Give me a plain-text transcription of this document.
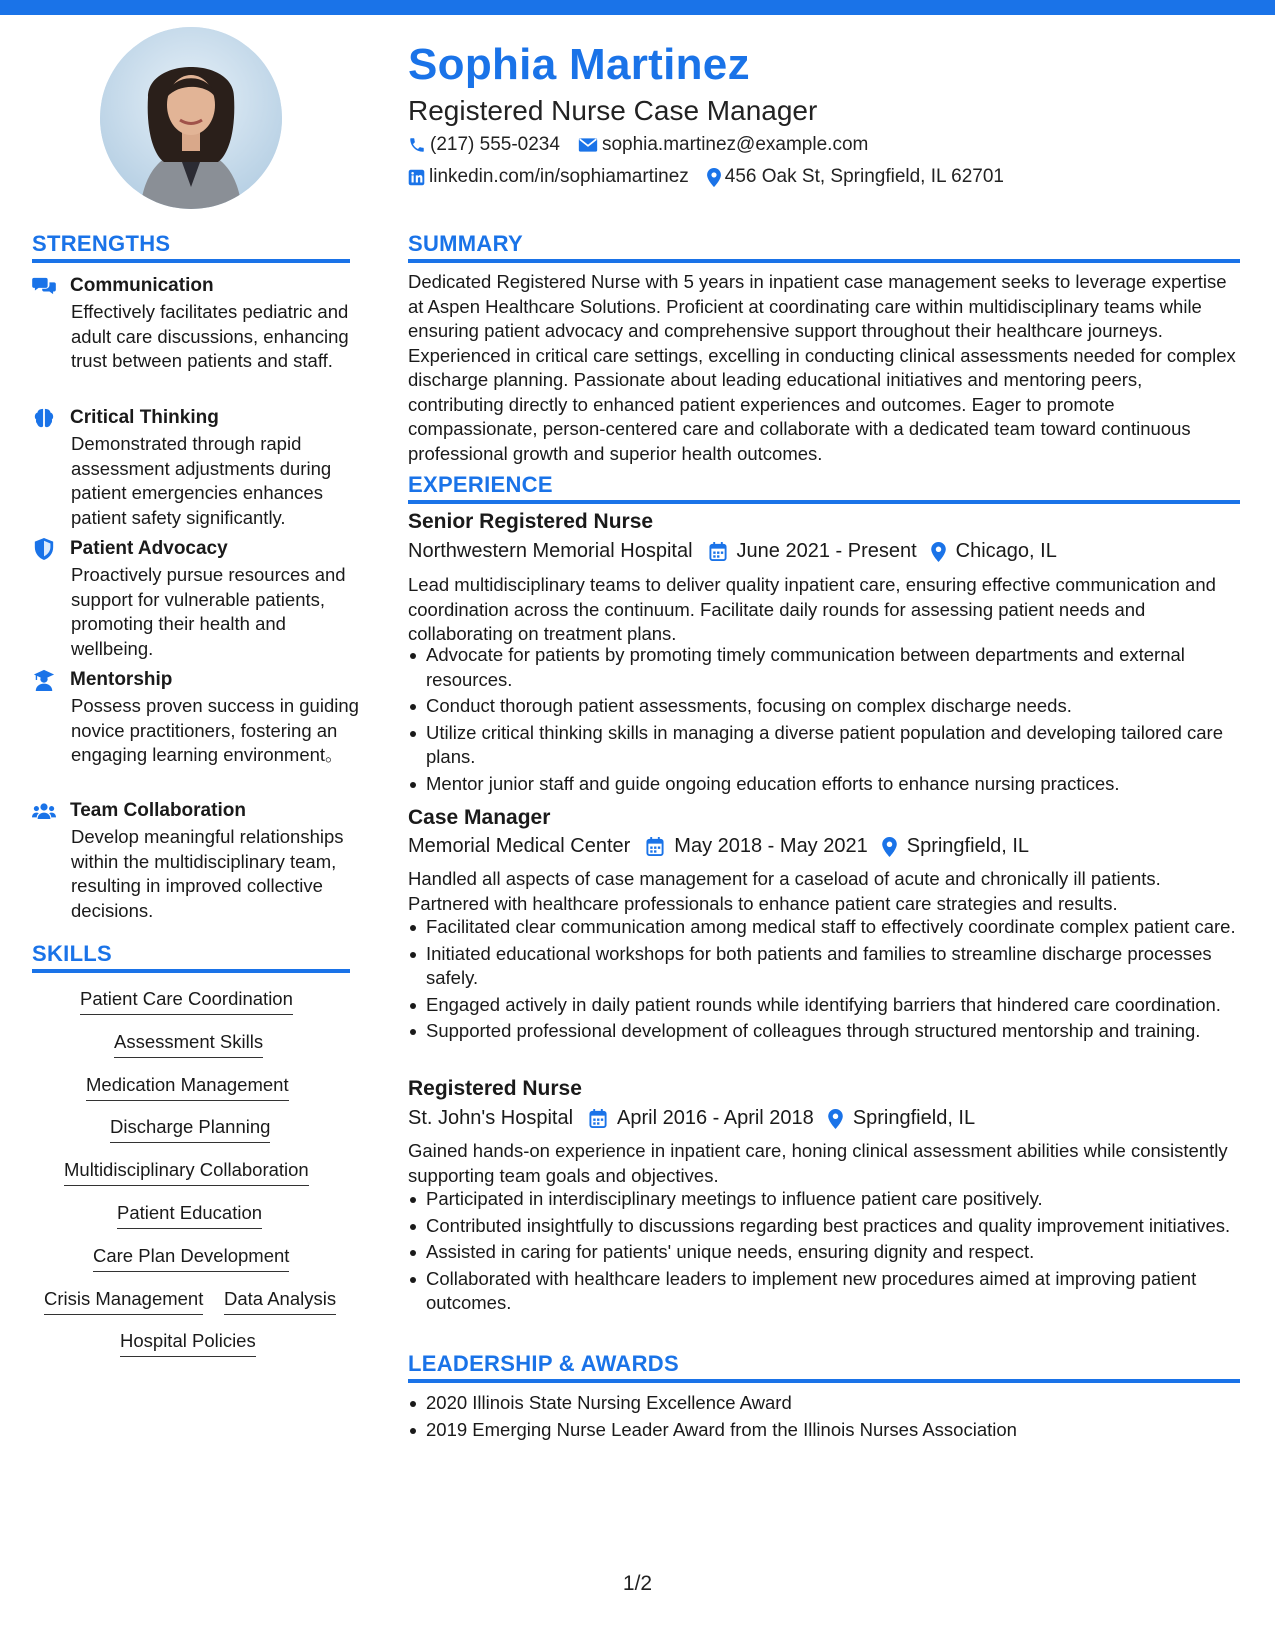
Sophia Martinez
Registered Nurse Case Manager
(217) 555-0234 sophia.martinez@example.com
linkedin.com/in/sophiamartinez 456 Oak St, Springfield, IL 62701
STRENGTHS
Communication
Effectively facilitates pediatric and adult care discussions, enhancing trust between patients and staff.
Critical Thinking
Demonstrated through rapid assessment adjustments during patient emergencies enhances patient safety significantly.
Patient Advocacy
Proactively pursue resources and support for vulnerable patients, promoting their health and wellbeing.
Mentorship
Possess proven success in guiding novice practitioners, fostering an engaging learning environment。
Team Collaboration
Develop meaningful relationships within the multidisciplinary team, resulting in improved collective decisions.
SKILLS
Patient Care Coordination
Assessment Skills
Medication Management
Discharge Planning
Multidisciplinary Collaboration
Patient Education
Care Plan Development
Crisis Management Data Analysis
Hospital Policies
SUMMARY
Dedicated Registered Nurse with 5 years in inpatient case management seeks to leverage expertise at Aspen Healthcare Solutions. Proficient at coordinating care within multidisciplinary teams while ensuring patient advocacy and comprehensive support throughout their healthcare journeys. Experienced in critical care settings, excelling in conducting clinical assessments needed for complex discharge planning. Passionate about leading educational initiatives and mentoring peers, contributing directly to enhanced patient experiences and outcomes. Eager to promote compassionate, person-centered care and collaborate with a dedicated team toward continuous professional growth and superior health outcomes.
EXPERIENCE
Senior Registered Nurse
Northwestern Memorial Hospital June 2021 - Present Chicago, IL
Lead multidisciplinary teams to deliver quality inpatient care, ensuring effective communication and coordination across the continuum. Facilitate daily rounds for assessing patient needs and collaborating on treatment plans.
Advocate for patients by promoting timely communication between departments and external resources.
Conduct thorough patient assessments, focusing on complex discharge needs.
Utilize critical thinking skills in managing a diverse patient population and developing tailored care plans.
Mentor junior staff and guide ongoing education efforts to enhance nursing practices.
Case Manager
Memorial Medical Center May 2018 - May 2021 Springfield, IL
Handled all aspects of case management for a caseload of acute and chronically ill patients. Partnered with healthcare professionals to enhance patient care strategies and results.
Facilitated clear communication among medical staff to effectively coordinate complex patient care.
Initiated educational workshops for both patients and families to streamline discharge processes safely.
Engaged actively in daily patient rounds while identifying barriers that hindered care coordination.
Supported professional development of colleagues through structured mentorship and training.
Registered Nurse
St. John's Hospital April 2016 - April 2018 Springfield, IL
Gained hands-on experience in inpatient care, honing clinical assessment abilities while consistently supporting team goals and objectives.
Participated in interdisciplinary meetings to influence patient care positively.
Contributed insightfully to discussions regarding best practices and quality improvement initiatives.
Assisted in caring for patients' unique needs, ensuring dignity and respect.
Collaborated with healthcare leaders to implement new procedures aimed at improving patient outcomes.
LEADERSHIP & AWARDS
2020 Illinois State Nursing Excellence Award
2019 Emerging Nurse Leader Award from the Illinois Nurses Association
1/2
